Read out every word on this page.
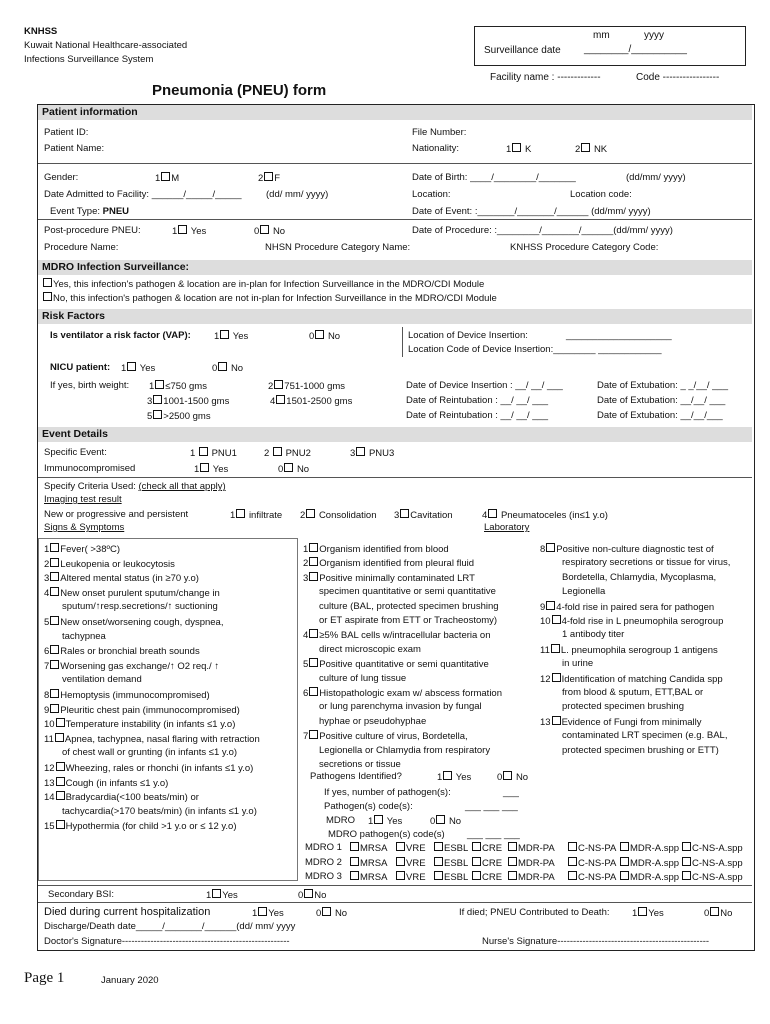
KNHSS
Kuwait National Healthcare-associated
Infections Surveillance System
mm	yyyy
Surveillance date ________/__________
Facility name : -------------	Code -----------------
Pneumonia (PNEU) form
Patient information
Patient ID:	File Number:
Patient Name:	Nationality:	1 K	2 NK
Gender:	1 M	2 F	Date of Birth: ____/________/_______	(dd/mm/ yyyy)
Date Admitted to Facility: ______/_____/_____	(dd/ mm/ yyyy)	Location:	Location code:
Event Type: PNEU	Date of Event: :_______/_______/______ (dd/mm/ yyyy)
Post-procedure PNEU:	1 Yes	0 No	Date of Procedure: :________/_______/______(dd/mm/ yyyy)
Procedure Name:	NHSN Procedure Category Name:	KNHSS Procedure Category Code:
MDRO Infection Surveillance:
Yes, this infection's pathogen & location are in-plan for Infection Surveillance in the MDRO/CDI Module
No, this infection's pathogen & location are not in-plan for Infection Surveillance in the MDRO/CDI Module
Risk Factors
Is ventilator a risk factor (VAP): 1 Yes	0 No	Location of Device Insertion:	____________________
Location Code of Device Insertion:________ ____________
NICU patient: 1 Yes	0 No
If yes, birth weight: 1 ≤750 gms	2 751-1000 gms
3 1001-1500 gms	4 1501-2500 gms
5 >2500 gms
Date of Device Insertion : __/ __/ ___
Date of Reintubation : __/ __/ ___
Date of Reintubation : __/ __/ ___
Date of Extubation: _ _/__/ ___
Date of Extubation: __/__/ ___
Date of Extubation: __/__/___
Event Details
Specific Event:	1 PNU1	2 PNU2	3 PNU3
Immunocompromised	1 Yes	0 No
Specify Criteria Used: (check all that apply)
Imaging test result
New or progressive and persistent	1 infiltrate 2 Consolidation 3 Cavitation	4 Pneumatoceles (in≤1 y.o)
Signs & Symptoms	Laboratory
1 Fever( >38ºC)
2 Leukopenia or leukocytosis
3 Altered mental status (in ≥70 y.o)
4 New onset purulent sputum/change in
sputum/↑resp.secretions/↑ suctioning
5 New onset/worsening cough, dyspnea,
tachypnea
6 Rales or bronchial breath sounds
7 Worsening gas exchange/↑ O2 req./ ↑
ventilation demand
8 Hemoptysis (immunocompromised)
9 Pleuritic chest pain (immunocompromised)
10 Temperature instability (in infants ≤1 y.o)
11 Apnea, tachypnea, nasal flaring with retraction
of chest wall or grunting (in infants ≤1 y.o)
12 Wheezing, rales or rhonchi (in infants ≤1 y.o)
13 Cough (in infants ≤1 y.o)
14 Bradycardia(<100 beats/min) or
tachycardia(>170 beats/min) (in infants ≤1 y.o)
15 Hypothermia (for child >1 y.o or ≤ 12 y.o)
1 Organism identified from blood
2 Organism identified from pleural fluid
3 Positive minimally contaminated LRT
specimen quantitative or semi quantitative
culture (BAL, protected specimen brushing
or ET aspirate from ETT or Tracheostomy)
4 ≥5% BAL cells w/intracellular bacteria on
direct microscopic exam
5 Positive quantitative or semi quantitative
culture of lung tissue
6 Histopathologic exam w/ abscess formation
or lung parenchyma invasion by fungal
hyphae or pseudohyphae
7 Positive culture of virus, Bordetella,
Legionella or Chlamydia from respiratory
secretions or tissue
8 Positive non-culture diagnostic test of
respiratory secretions or tissue for virus,
Bordetella, Chlamydia, Mycoplasma,
Legionella
9 4-fold rise in paired sera for pathogen
10 4-fold rise in L pneumophila serogroup
1 antibody titer
11 L. pneumophila serogroup 1 antigens
in urine
12 Identification of matching Candida spp
from blood & sputum, ETT,BAL or
protected specimen brushing
13 Evidence of Fungi from minimally
contaminated LRT specimen (e.g. BAL,
protected specimen brushing or ETT)
Pathogens Identified?	1 Yes	0 No
If yes, number of pathogen(s):	___
Pathogen(s) code(s):	___ ___ ___
MDRO 1 Yes	0 No
MDRO pathogen(s) code(s) ___ ___ ___
MDRO 1	MRSA	VRE	ESBL	CRE	MDR-PA	C-NS-PA	MDR-A.spp	C-NS-A.spp
MDRO 2	MRSA	VRE	ESBL	CRE	MDR-PA	C-NS-PA	MDR-A.spp	C-NS-A.spp
MDRO 3	MRSA	VRE	ESBL	CRE	MDR-PA	C-NS-PA	MDR-A.spp	C-NS-A.spp
Secondary BSI:	1 Yes	0 No
Died during current hospitalization	1 Yes	0 No	If died; PNEU Contributed to Death: 1 Yes	0 No
Discharge/Death date_____/_______/______(dd/ mm/ yyyy
Doctor's Signature-----------------------------------------------------	Nurse's Signature------------------------------------------------
Page 1	January 2020
